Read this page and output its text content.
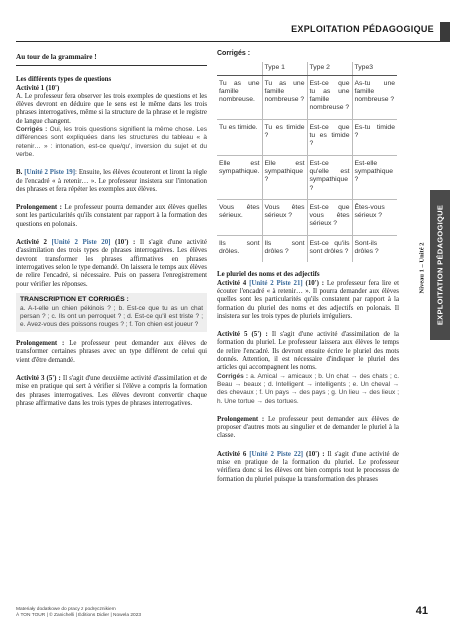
EXPLOITATION PÉDAGOGIQUE
Au tour de la grammaire !
Les différents types de questions
Activité 1 (10')

A. Le professeur fera observer les trois exemples de questions et les élèves devront en déduire que le sens est le même dans les trois phrases interrogatives, même si la structure de la phrase et le registre de langue changent.

Corrigés : Oui, les trois questions signifient la même chose. Les différences sont expliquées dans les structures du tableau « à retenir… » : intonation, est-ce que/qu', inversion du sujet et du verbe.

B. [Unité 2 Piste 19]: Ensuite, les élèves écouteront et liront la règle de l'encadré « à retenir… ». Le professeur insistera sur l'intonation des phrases et fera répéter les exemples aux élèves.

Prolongement : Le professeur pourra demander aux élèves quelles sont les particularités qu'ils constatent par rapport à la formation des questions en polonais.

Activité 2 [Unité 2 Piste 20] (10') : Il s'agit d'une activité d'assimilation des trois types de phrases interrogatives. Les élèves devront transformer les phrases affirmatives en phrases interrogatives selon le type demandé. On laissera le temps aux élèves de relire l'encadré, si nécessaire. Puis on passera l'enregistrement pour vérifier les réponses.

TRANSCRIPTION ET CORRIGÉS :
a. A-t-elle un chien pékinois ? ; b. Est-ce que tu as un chat persan ? ; c. Ils ont un perroquet ? ; d. Est-ce qu'il est triste ? ; e. Avez-vous des poissons rouges ? ; f. Ton chien est joueur ?

Prolongement : Le professeur peut demander aux élèves de transformer certaines phrases avec un type différent de celui qui vient d'être demandé.

Activité 3 (5') : Il s'agit d'une deuxième activité d'assimilation et de mise en pratique qui sert à vérifier si l'élève a compris la formation des phrases interrogatives. Les élèves devront convertir chaque phrase affirmative dans les trois types de phrases interrogatives.

Corrigés :
	Type 1	Type 2	Type3
Tu as une famille nombreuse.	Tu as une famille nombreuse ?	Est-ce que tu as une famille nombreuse ?	As-tu une famille nombreuse ?
Tu es timide.	Tu es timide ?	Est-ce que tu es timide ?	Es-tu timide ?
Elle est sympathique.	Elle est sympathique ?	Est-ce qu'elle est sympathique ?	Est-elle sympathique ?
Vous êtes sérieux.	Vous êtes sérieux ?	Est-ce que vous êtes sérieux ?	Êtes-vous sérieux ?
Ils sont drôles.	Ils sont drôles ?	Est-ce qu'ils sont drôles ?	Sont-ils drôles ?
Le pluriel des noms et des adjectifs

Activité 4 [Unité 2 Piste 21] (10') : Le professeur fera lire et écouter l'encadré « à retenir… ». Il pourra demander aux élèves quelles sont les particularités qu'ils constatent par rapport à la formation du pluriel des noms et des adjectifs en polonais. Il insistera sur les trois types de pluriels irréguliers.

Activité 5 (5') : Il s'agit d'une activité d'assimilation de la formation du pluriel. Le professeur laissera aux élèves le temps de relire l'encadré. Ils devront ensuite écrire le pluriel des mots donnés. Attention, il est nécessaire d'indiquer le pluriel des articles qui accompagnent les noms.

Corrigés : a. Amical → amicaux ; b. Un chat → des chats ; c. Beau → beaux ; d. Intelligent → intelligents ; e. Un cheval → des chevaux ; f. Un pays → des pays ; g. Un lieu → des lieux ; h. Une tortue → des tortues.

Prolongement : Le professeur peut demander aux élèves de proposer d'autres mots au singulier et de demander le pluriel à la classe.

Activité 6 [Unité 2 Piste 22] (10') : Il s'agit d'une activité de mise en pratique de la formation du pluriel. Le professeur vérifiera donc si les élèves ont bien compris tout le processus de formation du pluriel puisque la transformation des phrases

EXPLOITATION PÉDAGOGIQUE
Niveau 1 – Unité 2
Materiały dodatkowe do pracy z podręcznikiem
À TON TOUR | © Zanichelli | Éditions Didier | Nowela 2023	41
